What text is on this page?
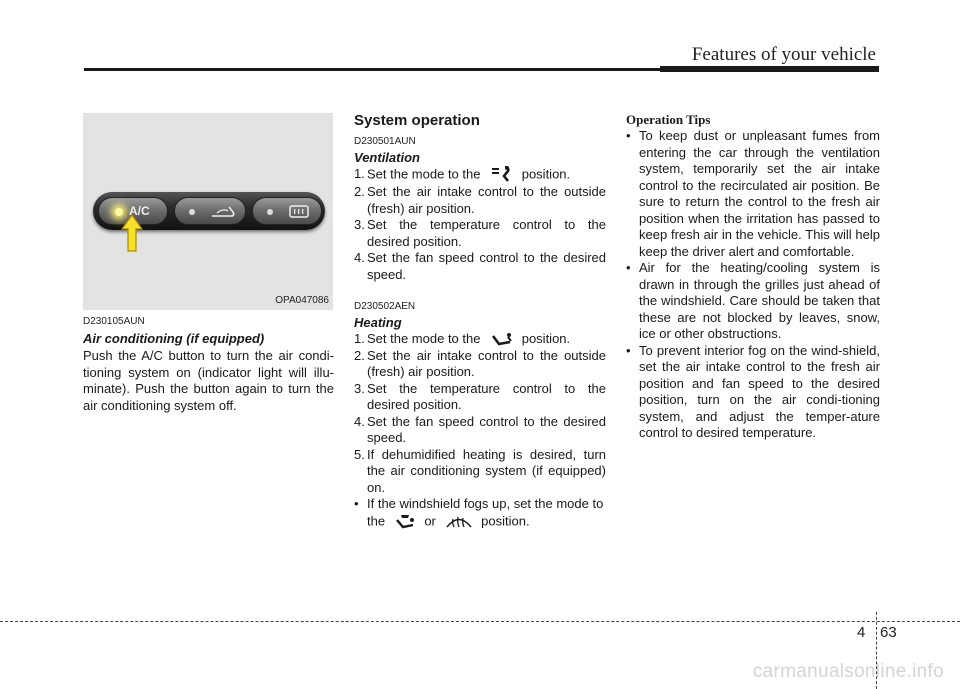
Features of your vehicle
A/C
OPA047086
D230105AUN
Air conditioning (if equipped)
Push the A/C button to turn the air condi-tioning system on (indicator light will illu-minate). Push the button again to turn the air conditioning system off.
System operation
D230501AUN
Ventilation
1. Set the mode to the	position.
2. Set the air intake control to the outside (fresh) air position.
3. Set the temperature control to the desired position.
4. Set the fan speed control to the desired speed.
D230502AEN
Heating
1. Set the mode to the	position.
2. Set the air intake control to the outside (fresh) air position.
3. Set the temperature control to the desired position.
4. Set the fan speed control to the desired speed.
5. If dehumidified heating is desired, turn the air conditioning system (if equipped) on.
• If the windshield fogs up, set the mode to the	or	position.
Operation Tips
• To keep dust or unpleasant fumes from entering the car through the ventilation system, temporarily set the air intake control to the recirculated air position. Be sure to return the control to the fresh air position when the irritation has passed to keep fresh air in the vehicle. This will help keep the driver alert and comfortable.
• Air for the heating/cooling system is drawn in through the grilles just ahead of the windshield. Care should be taken that these are not blocked by leaves, snow, ice or other obstructions.
• To prevent interior fog on the wind-shield, set the air intake control to the fresh air position and fan speed to the desired position, turn on the air condi-tioning system, and adjust the temper-ature control to desired temperature.
4 63
carmanualsonline.info
